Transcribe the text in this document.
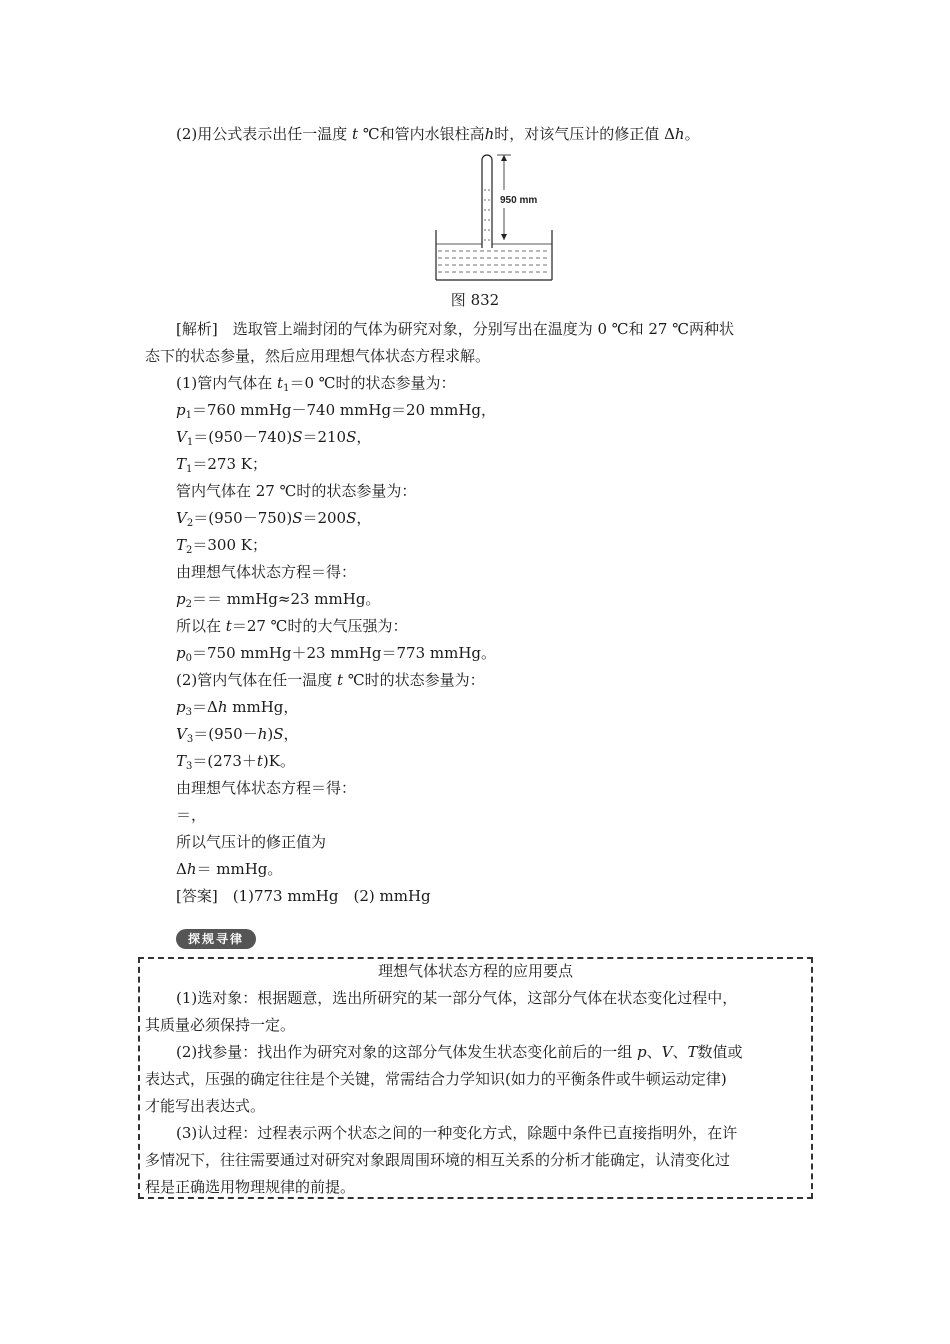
(2)用公式表示出任一温度 t ℃和管内水银柱高h时，对该气压计的修正值 Δh。
950 mm
图 832
[解析]　选取管上端封闭的气体为研究对象，分别写出在温度为 0 ℃和 27 ℃两种状
态下的状态参量，然后应用理想气体状态方程求解。
(1)管内气体在 $t_1=0$ ℃时的状态参量为：
$p_1=760$ mmHg－740 mmHg＝20 mmHg，
$V_1=(950-740)S=210S$，
$T_1=273$ K；
管内气体在 27 ℃时的状态参量为：
$V_2=(950-750)S=200S$，
$T_2=300$ K；
由理想气体状态方程＝得：
$p_2==$ mmHg≈23 mmHg。
所以在 t＝27 ℃时的大气压强为：
$p_0=750$ mmHg＋23 mmHg＝773 mmHg。
(2)管内气体在任一温度 t ℃时的状态参量为：
$p_3=\Delta h$ mmHg，
$V_3=(950-h)S$，
$T_3=(273+t)K$。
由理想气体状态方程＝得：
＝，
所以气压计的修正值为
Δh＝ mmHg。
[答案]　(1)773 mmHg　(2) mmHg
探规寻律
理想气体状态方程的应用要点
(1)选对象：根据题意，选出所研究的某一部分气体，这部分气体在状态变化过程中，
其质量必须保持一定。
(2)找参量：找出作为研究对象的这部分气体发生状态变化前后的一组 p、V、T数值或
表达式，压强的确定往往是个关键，常需结合力学知识(如力的平衡条件或牛顿运动定律)
才能写出表达式。
(3)认过程：过程表示两个状态之间的一种变化方式，除题中条件已直接指明外，在许
多情况下，往往需要通过对研究对象跟周围环境的相互关系的分析才能确定，认清变化过
程是正确选用物理规律的前提。
